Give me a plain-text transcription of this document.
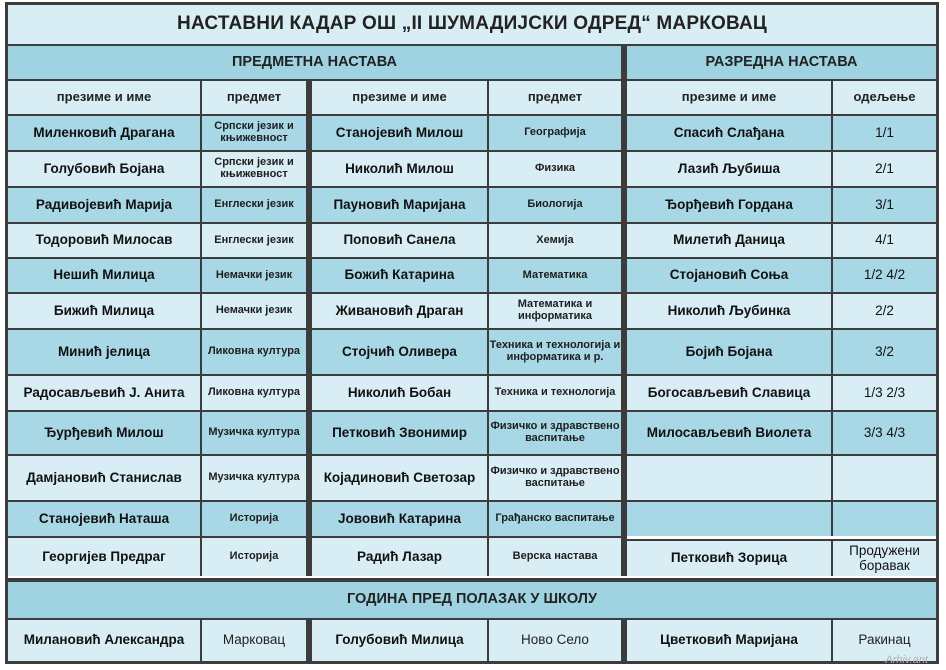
НАСТАВНИ КАДАР ОШ „II ШУМАДИЈСКИ ОДРЕД“ МАРКОВАЦ
ПРЕДМЕТНА НАСТАВА	РАЗРЕДНА НАСТАВА
презиме и име	предмет	презиме и име	предмет	презиме и име	одељење
Миленковић Драгана	Српски језик и књижевност	Станојевић Милош	Географија	Спасић Слађана	1/1
Голубовић Бојана	Српски језик и књижевност	Николић Милош	Физика	Лазић Љубиша	2/1
Радивојевић Марија	Енглески језик	Пауновић Маријана	Биологија	Ђорђевић Гордана	3/1
Тодоровић Милосав	Енглески језик	Поповић Санела	Хемија	Милетић Даница	4/1
Нешић Милица	Немачки језик	Божић Катарина	Математика	Стојановић Соња	1/2 4/2
Бижић Милица	Немачки језик	Живановић Драган	Математика и информатика	Николић Љубинка	2/2
Минић јелица	Ликовна култура	Стојчић Оливера	Техника и технологија и информатика и р.	Бојић Бојана	3/2
Радосављевић Ј. Анита	Ликовна култура	Николић Бобан	Техника и технологија	Богосављевић Славица	1/3 2/3
Ђурђевић Милош	Музичка култура	Петковић Звонимир	Физичко и здравствено васпитање	Милосављевић Виолета	3/3 4/3
Дамјановић Станислав	Музичка култура	Којадиновић Светозар	Физичко и здравствено васпитање
Станојевић Наташа	Историја	Јововић Катарина	Грађанско васпитање
Георгијев Предраг	Историја	Радић Лазар	Верска настава	Петковић Зорица	Продужени боравак
ГОДИНА ПРЕД ПОЛАЗАК У ШКОЛУ
Милановић Александра	Марковац	Голубовић Милица	Ново Село	Цветковић Маријана	Ракинац
Arhiv.ant
